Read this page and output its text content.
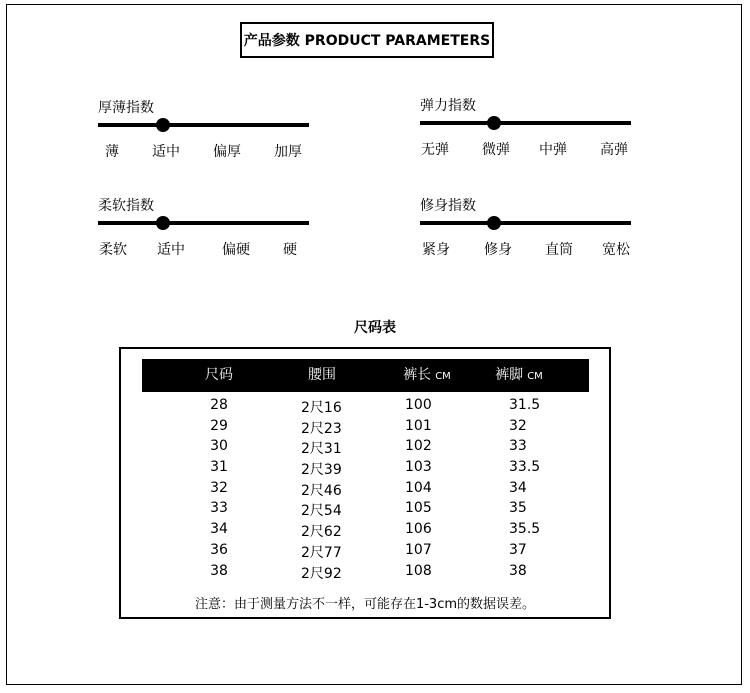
产品参数 PRODUCT PARAMETERS
厚薄指数
薄 适中 偏厚 加厚
弹力指数
无弹 微弹 中弹 高弹
柔软指数
柔软 适中	偏硬 硬
修身指数
紧身 修身 直筒 宽松
尺码表
尺码	腰围	裤长 CM	裤脚 CM
28	2尺16	100	31.5
29	2尺23	101	32
30	2尺31	102	33
31	2尺39	103	33.5
32	2尺46	104	34
33	2尺54	105	35
34	2尺62	106	35.5
36	2尺77	107	37
38	2尺92	108	38
注意：由于测量方法不一样，可能存在1-3cm的数据误差。
